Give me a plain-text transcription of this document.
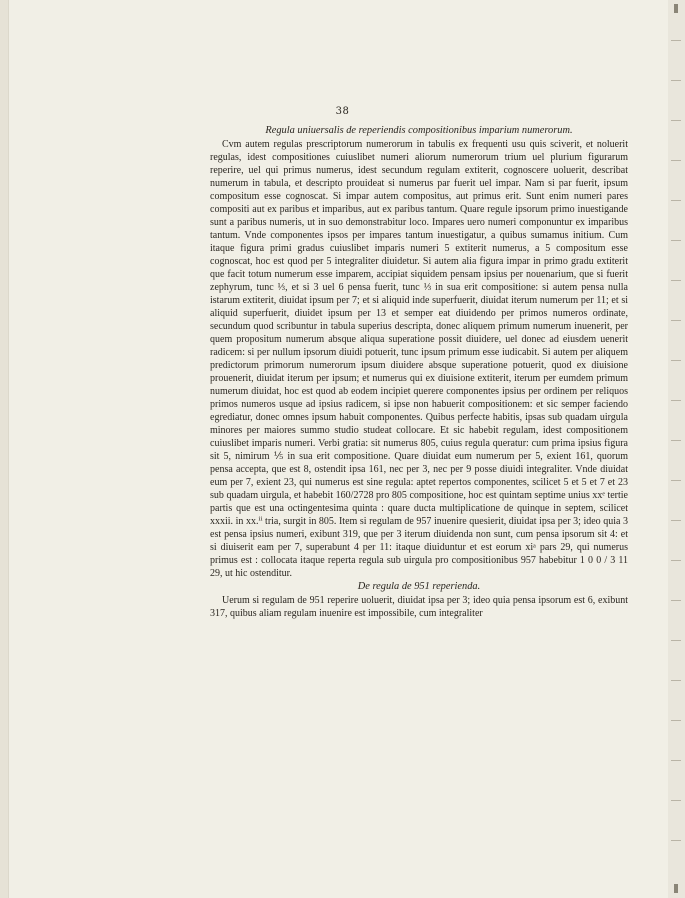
38

Regula uniuersalis de reperiendis compositionibus imparium numerorum.

Cvm autem regulas prescriptorum numerorum in tabulis ex frequenti usu quis sciverit, et noluerit regulas, idest compositiones cuiuslibet numeri aliorum numerorum trium uel plurium figurarum reperire, uel qui primus numerus, idest secundum regulam extiterit, cognoscere uoluerit, describat numerum in tabula, et descripto prouideat si numerus par fuerit uel impar. Nam si par fuerit, ipsum compositum esse cognoscat. Si impar autem compositus, aut primus erit. Sunt enim numeri pares compositi aut ex paribus et imparibus, aut ex paribus tantum. Quare regule ipsorum primo inuestigande sunt a paribus numeris, ut in suo demonstrabitur loco. Impares uero numeri componuntur ex imparibus tantum. Vnde componentes ipsos per impares tantum inuestigatur, a quibus sumamus initium. Cum itaque figura primi gradus cuiuslibet imparis numeri 5 extiterit numerus, a 5 compositum esse cognoscat, hoc est quod per 5 integraliter diuidetur. Si autem alia figura impar in primo gradu extiterit que facit totum numerum esse imparem, accipiat siquidem pensam ipsius per nouenarium, que si fuerit zephyrum, tunc ⅓, et si 3 uel 6 pensa fuerit, tunc ⅓ in sua erit compositione: si autem pensa nulla istarum extiterit, diuidat ipsum per 7; et si aliquid inde superfuerit, diuidat iterum numerum per 11; et si aliquid superfuerit, diuidet ipsum per 13 et semper eat diuidendo per primos numeros ordinate, secundum quod scribuntur in tabula superius descripta, donec aliquem primum numerum inuenerit, per quem propositum numerum absque aliqua superatione possit diuidere, uel donec ad eiusdem uenerit radicem: si per nullum ipsorum diuidi potuerit, tunc ipsum primum esse iudicabit. Si autem per aliquem predictorum primorum numerorum ipsum diuidere absque superatione potuerit, quod ex diuisione prouenerit, diuidat iterum per ipsum; et numerus qui ex diuisione extiterit, iterum per eumdem primum numerum diuidat, hoc est quod ab eodem incipiet querere componentes ipsius per ordinem per reliquos primos numeros usque ad ipsius radicem, si ipse non habuerit compositionem: et sic semper faciendo egrediatur, donec omnes ipsum habuit componentes. Quibus perfecte habitis, ipsas sub quadam uirgula minores per maiores summo studio studeat collocare. Et sic habebit regulam, idest compositionem cuiuslibet imparis numeri. Verbi gratia: sit numerus 805, cuius regula queratur: cum prima ipsius figura sit 5, nimirum ⅕ in sua erit compositione. Quare diuidat eum numerum per 5, exient 161, quorum pensa accepta, que est 8, ostendit ipsa 161, nec per 3, nec per 9 posse diuidi integraliter. Vnde diuidat eum per 7, exient 23, qui numerus est sine regula: aptet repertos componentes, scilicet 5 et 5 et 7 et 23 sub quadam uirgula, et habebit 160/2728 pro 805 compositione, hoc est quintam septime unius xxᵉ tertie partis que est una octingentesima quinta : quare ducta multiplicatione de quinque in septem, scilicet xxxii. in xx.ⁱⁱ tria, surgit in 805. Item si regulam de 957 inuenire quesierit, diuidat ipsa per 3; ideo quia 3 est pensa ipsius numeri, exibunt 319, que per 3 iterum diuidenda non sunt, cum pensa ipsorum sit 4: et si diuiserit eam per 7, superabunt 4 per 11: itaque diuiduntur et est eorum xiᵃ pars 29, qui numerus primus est : collocata itaque reperta regula sub uirgula pro compositionibus 957 habebitur 1 0 0 / 3 11 29, ut hic ostenditur.

De regula de 951 reperienda.

Uerum si regulam de 951 reperire uoluerit, diuidat ipsa per 3; ideo quia pensa ipsorum est 6, exibunt 317, quibus aliam regulam inuenire est impossibile, cum integraliter
